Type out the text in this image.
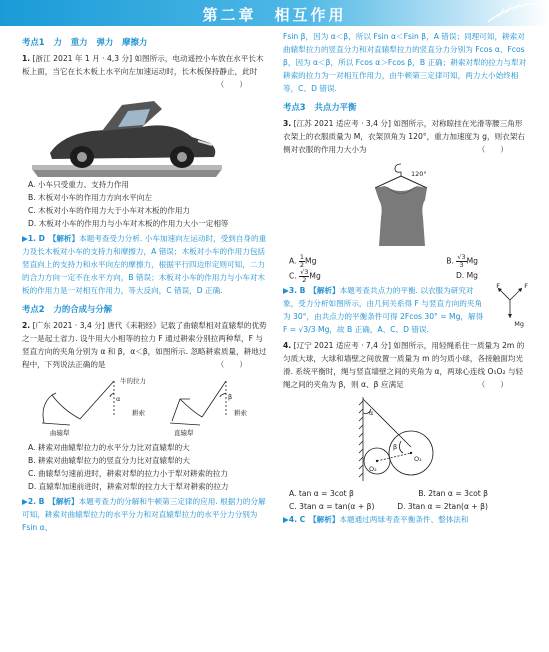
第二章　相互作用
考点1 力 重力 弹力 摩擦力
1. [浙江 2021 年 1 月 · 4,3 分] 如图所示，电动遥控小车放在水平长木板上面，当它在长木板上水平向左加速运动时，长木板保持静止，此时
（　　）
A. 小车只受重力、支持力作用
B. 木板对小车的作用力方向水平向左
C. 木板对小车的作用力大于小车对木板的作用力
D. 木板对小车的作用力与小车对木板的作用力大小一定相等
▶1. D　【解析】本题考查受力分析. 小车加速向左运动时，受到自身的重力及长木板对小车的支持力和摩擦力，A 错误；木板对小车的作用力包括竖直向上的支持力和水平向左的摩擦力，根据平行四边形定则可知，二力的合力方向一定不在水平方向，B 错误；木板对小车的作用力与小车对木板的作用力是一对相互作用力，等大反向，C 错误，D 正确.
考点2 力的合成与分解
2. [广东 2021 · 3,4 分] 唐代《耒耜经》记载了曲辕犁相对直辕犁的优势之一是起土省力. 设牛用大小相等的拉力 F 通过耕索分别拉两种犁，F 与竖直方向的夹角分别为 α 和 β，α＜β，如图所示. 忽略耕索质量，耕地过程中，下列说法正确的是	（　　）
牛的拉力
α	β
耕索	耕索
曲辕犁	直辕犁
A. 耕索对曲辕犁拉力的水平分力比对直辕犁的大
B. 耕索对曲辕犁拉力的竖直分力比对直辕犁的大
C. 曲辕犁匀速前进时，耕索对犁的拉力小于犁对耕索的拉力
D. 直辕犁加速前进时，耕索对犁的拉力大于犁对耕索的拉力
▶2. B　【解析】本题考查力的分解和牛顿第三定律的应用. 根据力的分解可知，耕索对曲辕犁拉力的水平分力和对直辕犁拉力的水平分力分别为 Fsin α、
Fsin β，因为 α＜β，所以 Fsin α＜Fsin β，A 错误；同理可知，耕索对曲辕犁拉力的竖直分力和对直辕犁拉力的竖直分力分别为 Fcos α、Fcos β，因为 α＜β，所以 Fcos α＞Fcos β，B 正确；耕索对犁的拉力与犁对耕索的拉力为一对相互作用力，由牛顿第三定律可知，两力大小始终相等，C、D 错误.
考点3 共点力平衡
3. [江苏 2021 适应考 · 3,4 分] 如图所示，对称晾挂在光滑等腰三角形衣架上的衣服质量为 M，衣架顶角为 120°，重力加速度为 g，则衣架右侧对衣服的作用力大小为	（　　）
120°
A. $\frac{1}{2}$ Mg	B. $\frac{√3}{3}$ Mg
C. $\frac{√3}{2}$ Mg	D. Mg
▶3. B　【解析】本题考查共点力的平衡. 以衣服为研究对象，受力分析如图所示，由几何关系得 F 与竖直方向的夹角为 30°，由共点力的平衡条件可得 2Fcos 30° = Mg，解得 F = √3/3 Mg，故 B 正确，A、C、D 错误.
F	F
Mg
4. [辽宁 2021 适应考 · 7,4 分] 如图所示，用轻绳系住一质量为 2m 的匀质大球，大球和墙壁之间放置一质量为 m 的匀质小球，各接触面均光滑. 系统平衡时，绳与竖直墙壁之间的夹角为 α，两球心连线 O₁O₂ 与轻绳之间的夹角为 β，则 α、β 应满足	（　　）
α
β
O₁
O₂
A. tan α = 3cot β	B. 2tan α = 3cot β
C. 3tan α = tan(α + β)	D. 3tan α = 2tan(α + β)
▶4. C　【解析】本题通过两球考查平衡条件、整体法和
